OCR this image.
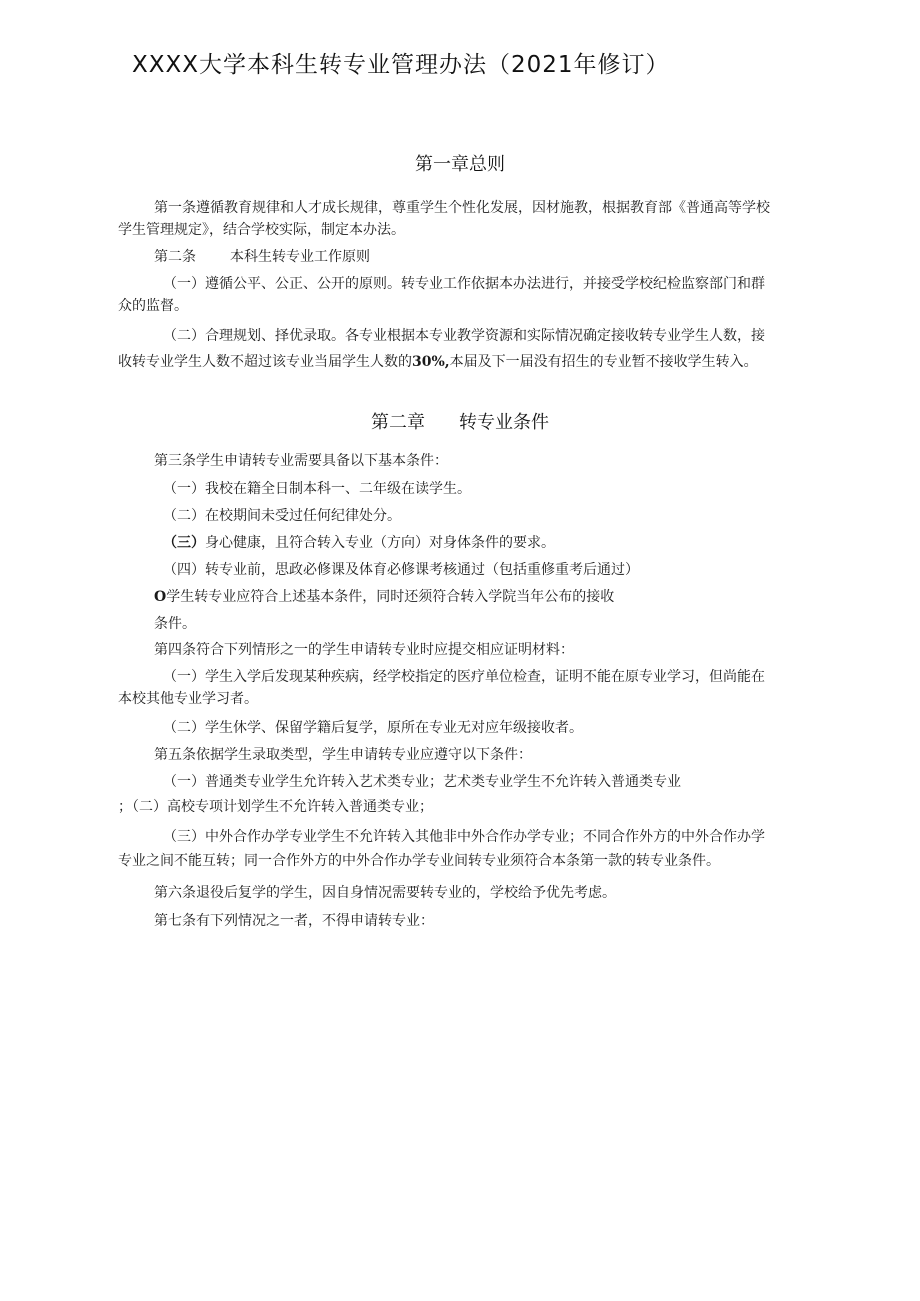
XXXX大学本科生转专业管理办法（2021年修订）
第一章总则
第一条遵循教育规律和人才成长规律，尊重学生个性化发展，因材施教，根据教育部《普通高等学校
学生管理规定》，结合学校实际，制定本办法。
第二条 本科生转专业工作原则
（一）遵循公平、公正、公开的原则。转专业工作依据本办法进行，并接受学校纪检监察部门和群
众的监督。
（二）合理规划、择优录取。各专业根据本专业教学资源和实际情况确定接收转专业学生人数，接
收转专业学生人数不超过该专业当届学生人数的30%,本届及下一届没有招生的专业暂不接收学生转入。
第二章 转专业条件
第三条学生申请转专业需要具备以下基本条件：
（一）我校在籍全日制本科一、二年级在读学生。
（二）在校期间未受过任何纪律处分。
（三）身心健康，且符合转入专业（方向）对身体条件的要求。
（四）转专业前，思政必修课及体育必修课考核通过（包括重修重考后通过）
O学生转专业应符合上述基本条件，同时还须符合转入学院当年公布的接收
条件。
第四条符合下列情形之一的学生申请转专业时应提交相应证明材料：
（一）学生入学后发现某种疾病，经学校指定的医疗单位检查，证明不能在原专业学习，但尚能在
本校其他专业学习者。
（二）学生休学、保留学籍后复学，原所在专业无对应年级接收者。
第五条依据学生录取类型，学生申请转专业应遵守以下条件：
（一）普通类专业学生允许转入艺术类专业；艺术类专业学生不允许转入普通类专业
；（二）高校专项计划学生不允许转入普通类专业；
（三）中外合作办学专业学生不允许转入其他非中外合作办学专业；不同合作外方的中外合作办学
专业之间不能互转；同一合作外方的中外合作办学专业间转专业须符合本条第一款的转专业条件。
第六条退役后复学的学生，因自身情况需要转专业的，学校给予优先考虑。
第七条有下列情况之一者，不得申请转专业：
